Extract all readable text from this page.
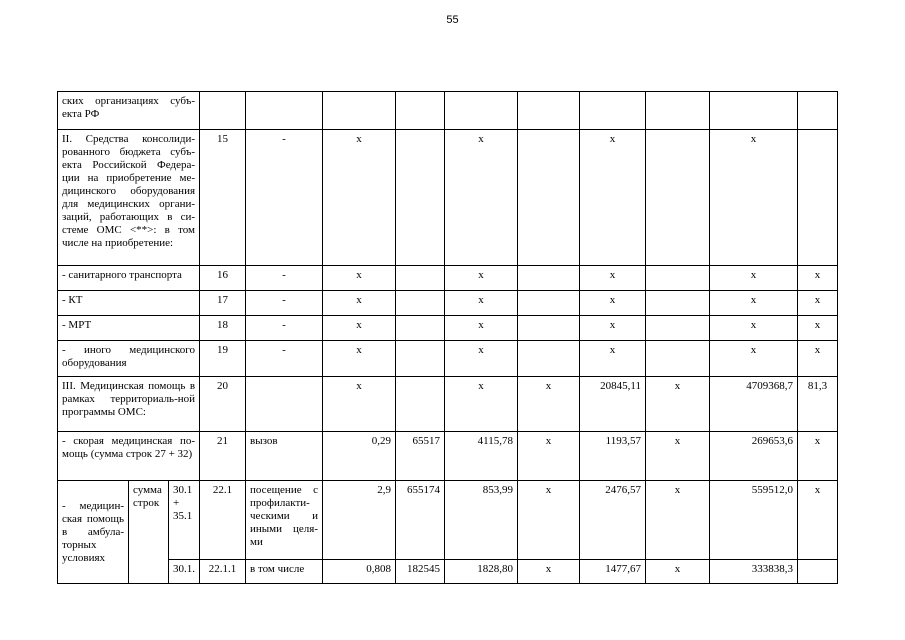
55
ских организациях субъ-екта РФ												
II. Средства консолиди-рованного бюджета субъ-екта Российской Федера-ции на приобретение ме-дицинского оборудования для медицинских органи-заций, работающих в си-стеме ОМС <**>: в том числе на приобретение:			15	-	х		х		х		х	
- санитарного транспорта			16	-	х		х		х		х	х
- КТ			17	-	х		х		х		х	х
- МРТ			18	-	х		х		х		х	х
- иного медицинского оборудования			19	-	х		х		х		х	х
III. Медицинская помощь в рамках территориаль-ной программы ОМС:			20		х		х	х	20845,11	х	4709368,7	81,3
- скорая медицинская по-мощь (сумма строк 27 + 32)			21	вызов	0,29	65517	4115,78	х	1193,57	х	269653,6	х
- медицин-ская помощь в амбула-торных условиях	сумма строк	30.1 + 35.1	22.1	посещение с профилакти-ческими и иными целя-ми	2,9	655174	853,99	х	2476,57	х	559512,0	х
		30.1.	22.1.1	в том числе	0,808	182545	1828,80	х	1477,67	х	333838,3	
